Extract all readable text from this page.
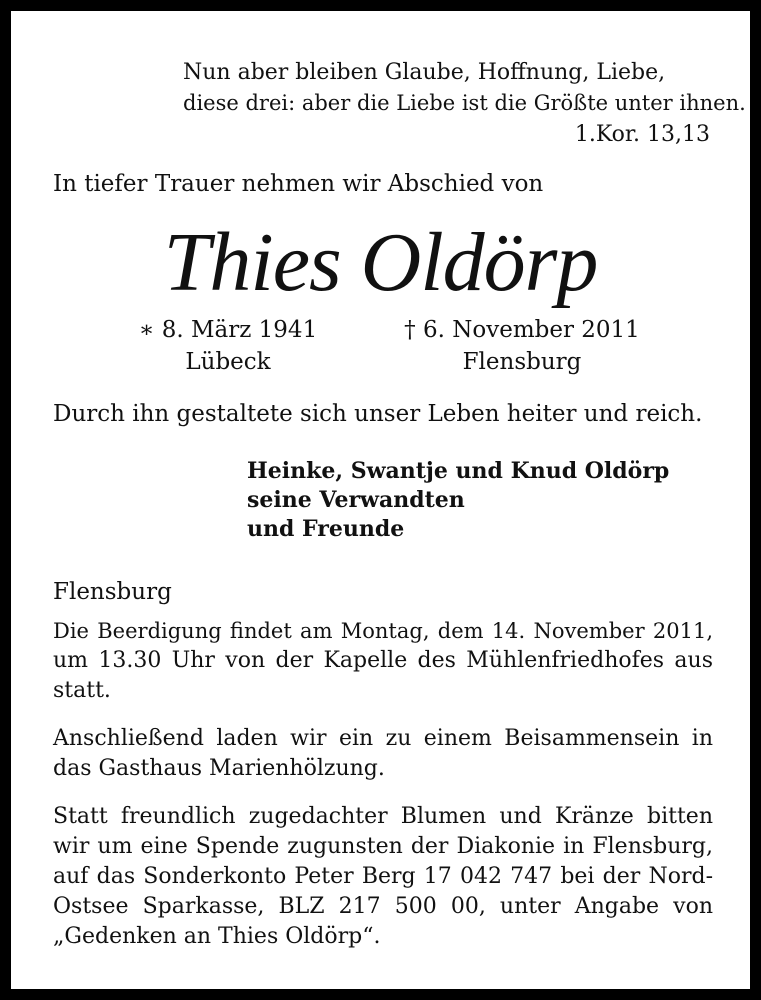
Nun aber bleiben Glaube, Hoffnung, Liebe,
diese drei: aber die Liebe ist die Größte unter ihnen.
1.Kor. 13,13
In tiefer Trauer nehmen wir Abschied von
Thies Oldörp
∗ 8. März 1941
Lübeck
† 6. November 2011
Flensburg
Durch ihn gestaltete sich unser Leben heiter und reich.
Heinke, Swantje und Knud Oldörp
seine Verwandten
und Freunde
Flensburg
Die Beerdigung findet am Montag, dem 14. November 2011,
um 13.30 Uhr von der Kapelle des Mühlenfriedhofes aus
statt.
Anschließend laden wir ein zu einem Beisammensein in
das Gasthaus Marienhölzung.
Statt freundlich zugedachter Blumen und Kränze bitten
wir um eine Spende zugunsten der Diakonie in Flensburg,
auf das Sonderkonto Peter Berg 17 042 747 bei der Nord-
Ostsee Sparkasse, BLZ 217 500 00, unter Angabe von
„Gedenken an Thies Oldörp“.
